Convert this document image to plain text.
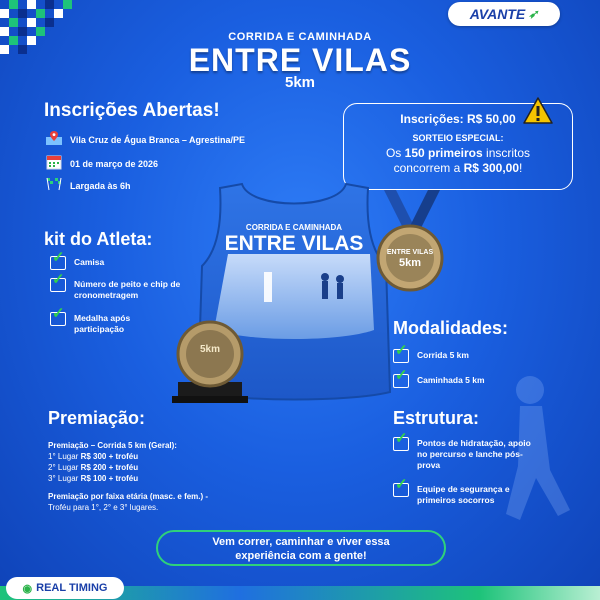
AVANTE ➶
CORRIDA E CAMINHADA
ENTRE VILAS
5km
Inscrições Abertas!
Vila Cruz de Água Branca – Agrestina/PE
01 de março de 2026
Largada às 6h
Inscrições: R$ 50,00
SORTEIO ESPECIAL:
Os 150 primeiros inscritos
concorrem a R$ 300,00!
kit do Atleta:
✓
Camisa
✓
Número de peito e chip de
cronometragem
✓
Medalha após
participação
CORRIDA E CAMINHADA
ENTRE VILAS
5km
ENTRE VILAS
5km
Modalidades:
✓
Corrida 5 km
✓
Caminhada 5 km
Premiação:
Premiação – Corrida 5 km (Geral):
1° Lugar R$ 300 + troféu
2° Lugar R$ 200 + troféu
3° Lugar R$ 100 + troféu
Premiação por faixa etária (masc. e fem.) -
Troféu para 1°, 2° e 3° lugares.
Estrutura:
✓
Pontos de hidratação, apoio
no percurso e lanche pós-
prova
✓
Equipe de segurança e
primeiros socorros
Vem correr, caminhar e viver essa
experiência com a gente!
◉ REAL TIMING
